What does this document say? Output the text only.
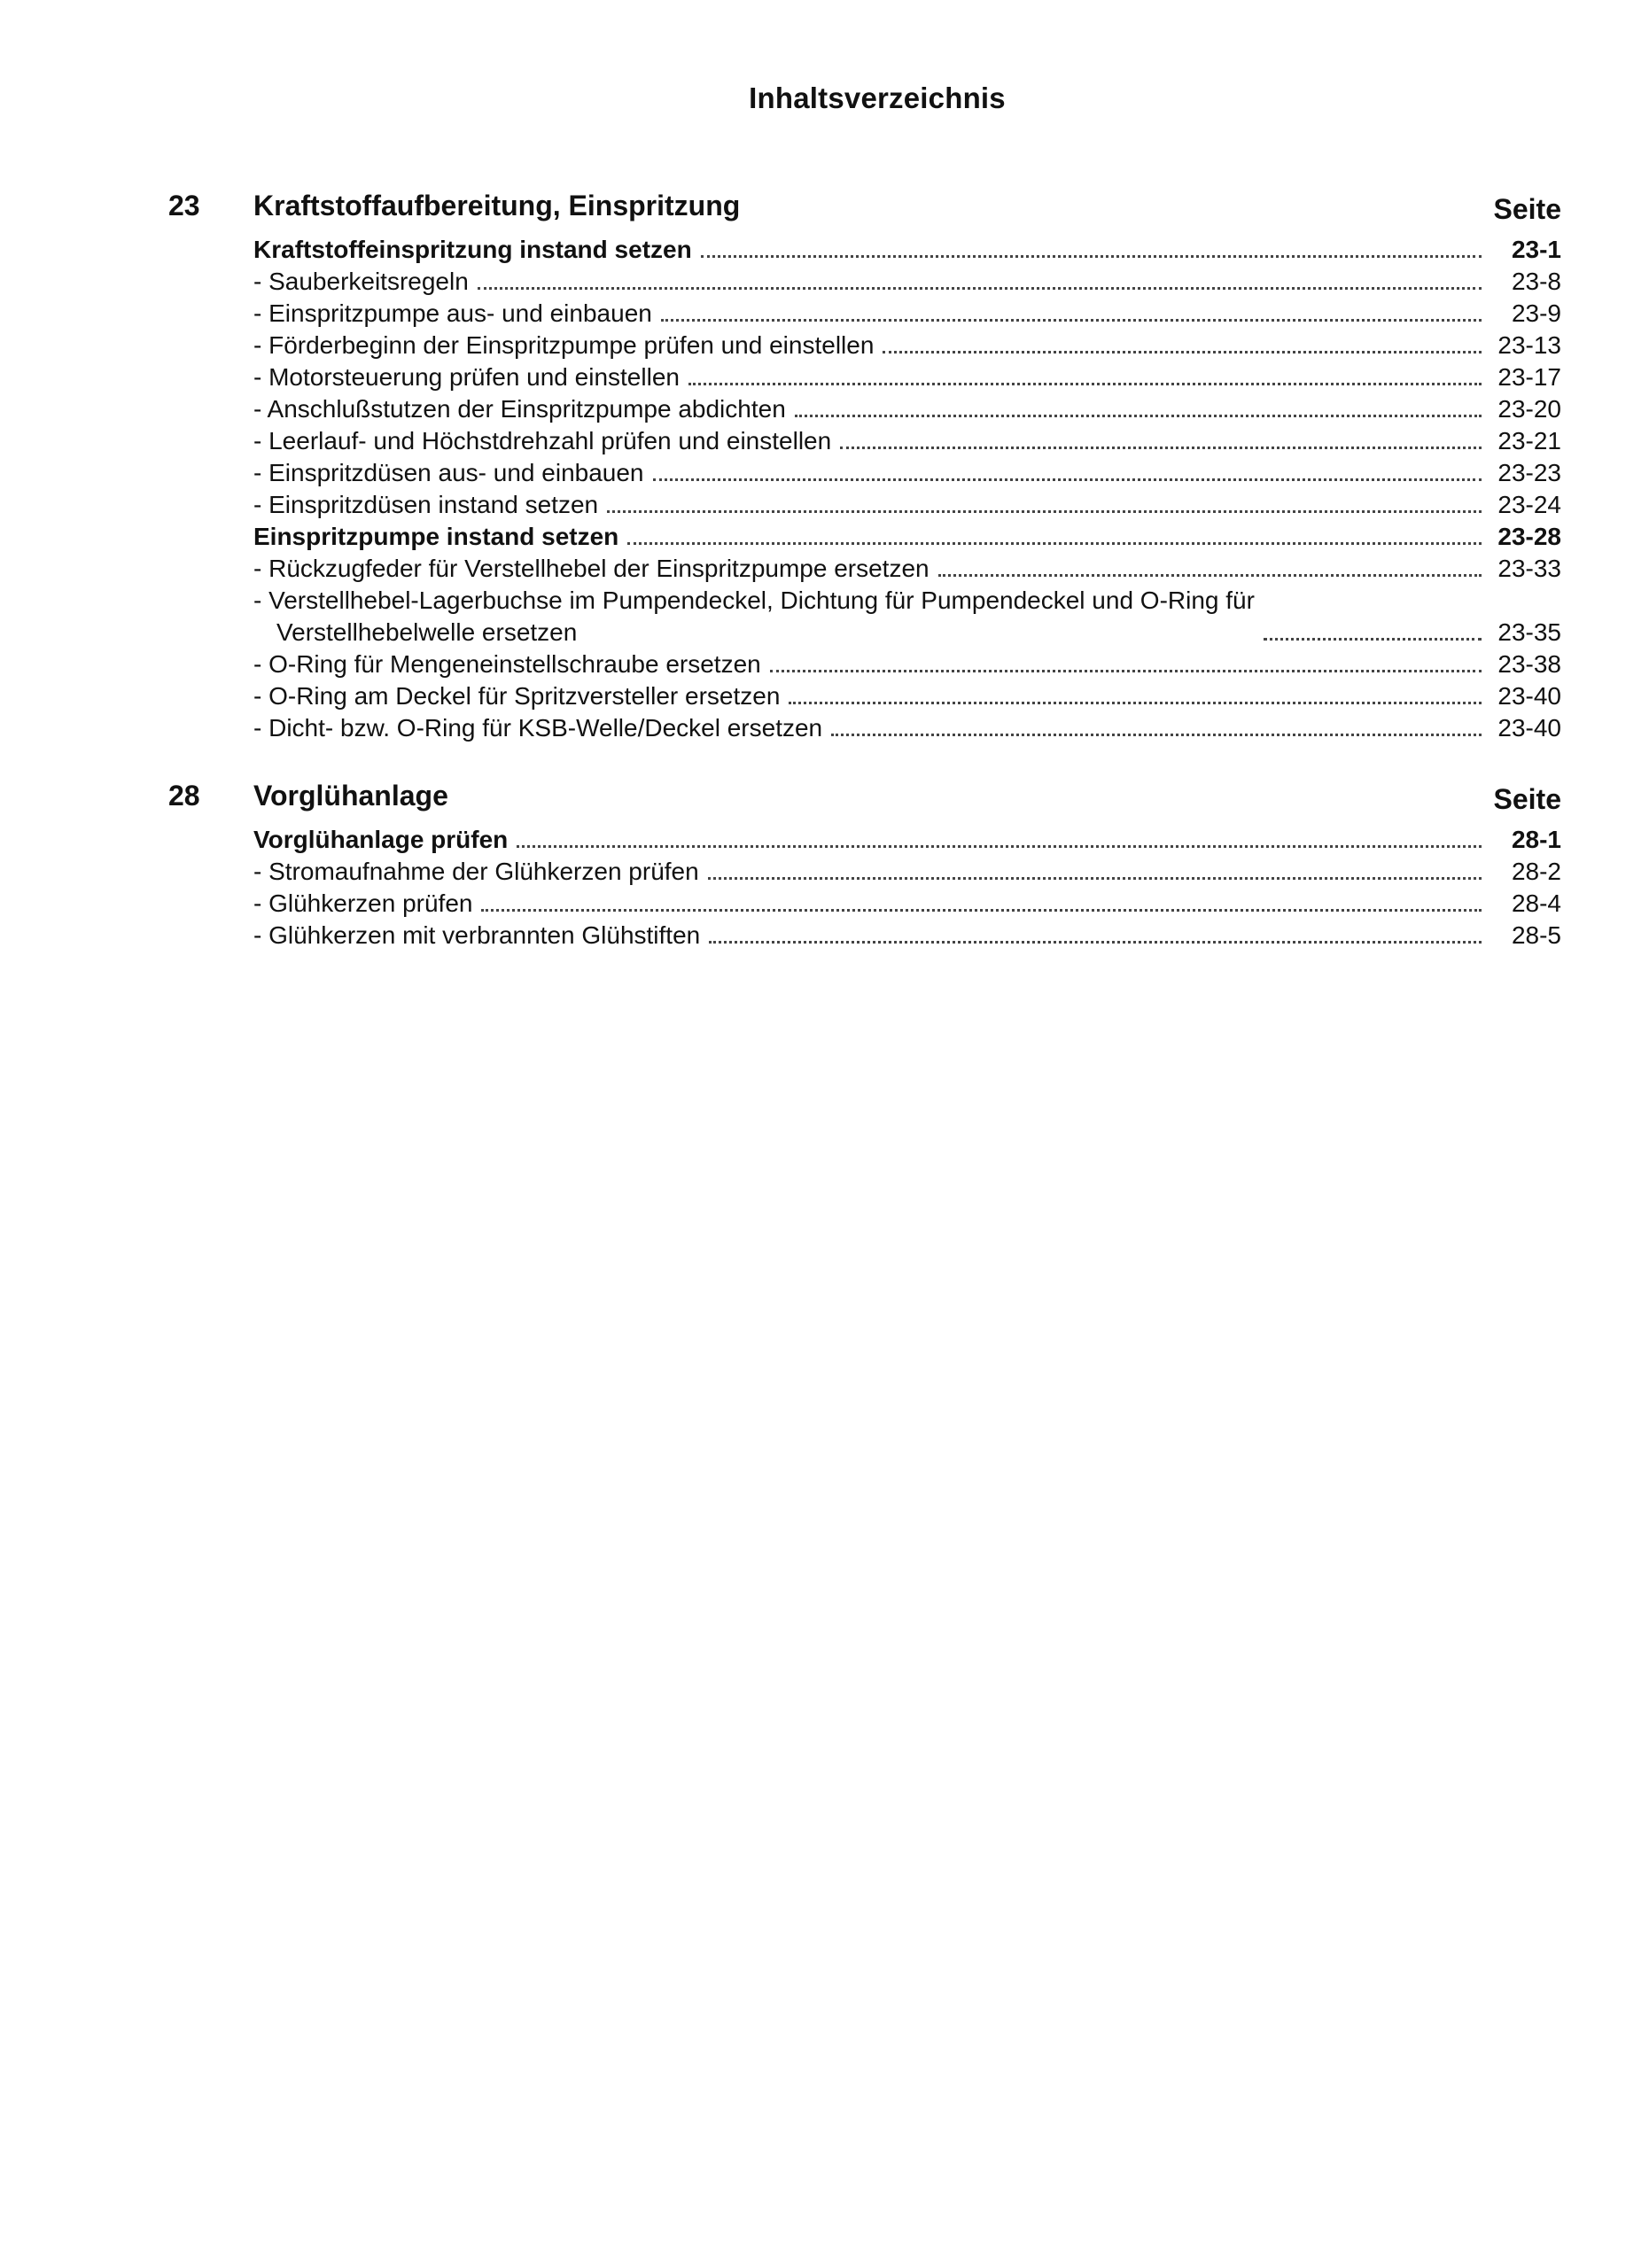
Inhaltsverzeichnis
23 Kraftstoffaufbereitung, Einspritzung	Seite
Kraftstoffeinspritzung instand setzen	23-1
- Sauberkeitsregeln	23-8
- Einspritzpumpe aus- und einbauen	23-9
- Förderbeginn der Einspritzpumpe prüfen und einstellen	23-13
- Motorsteuerung prüfen und einstellen	23-17
- Anschlußstutzen der Einspritzpumpe abdichten	23-20
- Leerlauf- und Höchstdrehzahl prüfen und einstellen	23-21
- Einspritzdüsen aus- und einbauen	23-23
- Einspritzdüsen instand setzen	23-24
Einspritzpumpe instand setzen	23-28
- Rückzugfeder für Verstellhebel der Einspritzpumpe ersetzen	23-33
- Verstellhebel-Lagerbuchse im Pumpendeckel, Dichtung für Pumpendeckel und O-Ring für
Verstellhebelwelle ersetzen	23-35
- O-Ring für Mengeneinstellschraube ersetzen	23-38
- O-Ring am Deckel für Spritzversteller ersetzen	23-40
- Dicht- bzw. O-Ring für KSB-Welle/Deckel ersetzen	23-40
28 Vorglühanlage	Seite
Vorglühanlage prüfen	28-1
- Stromaufnahme der Glühkerzen prüfen	28-2
- Glühkerzen prüfen	28-4
- Glühkerzen mit verbrannten Glühstiften	28-5
